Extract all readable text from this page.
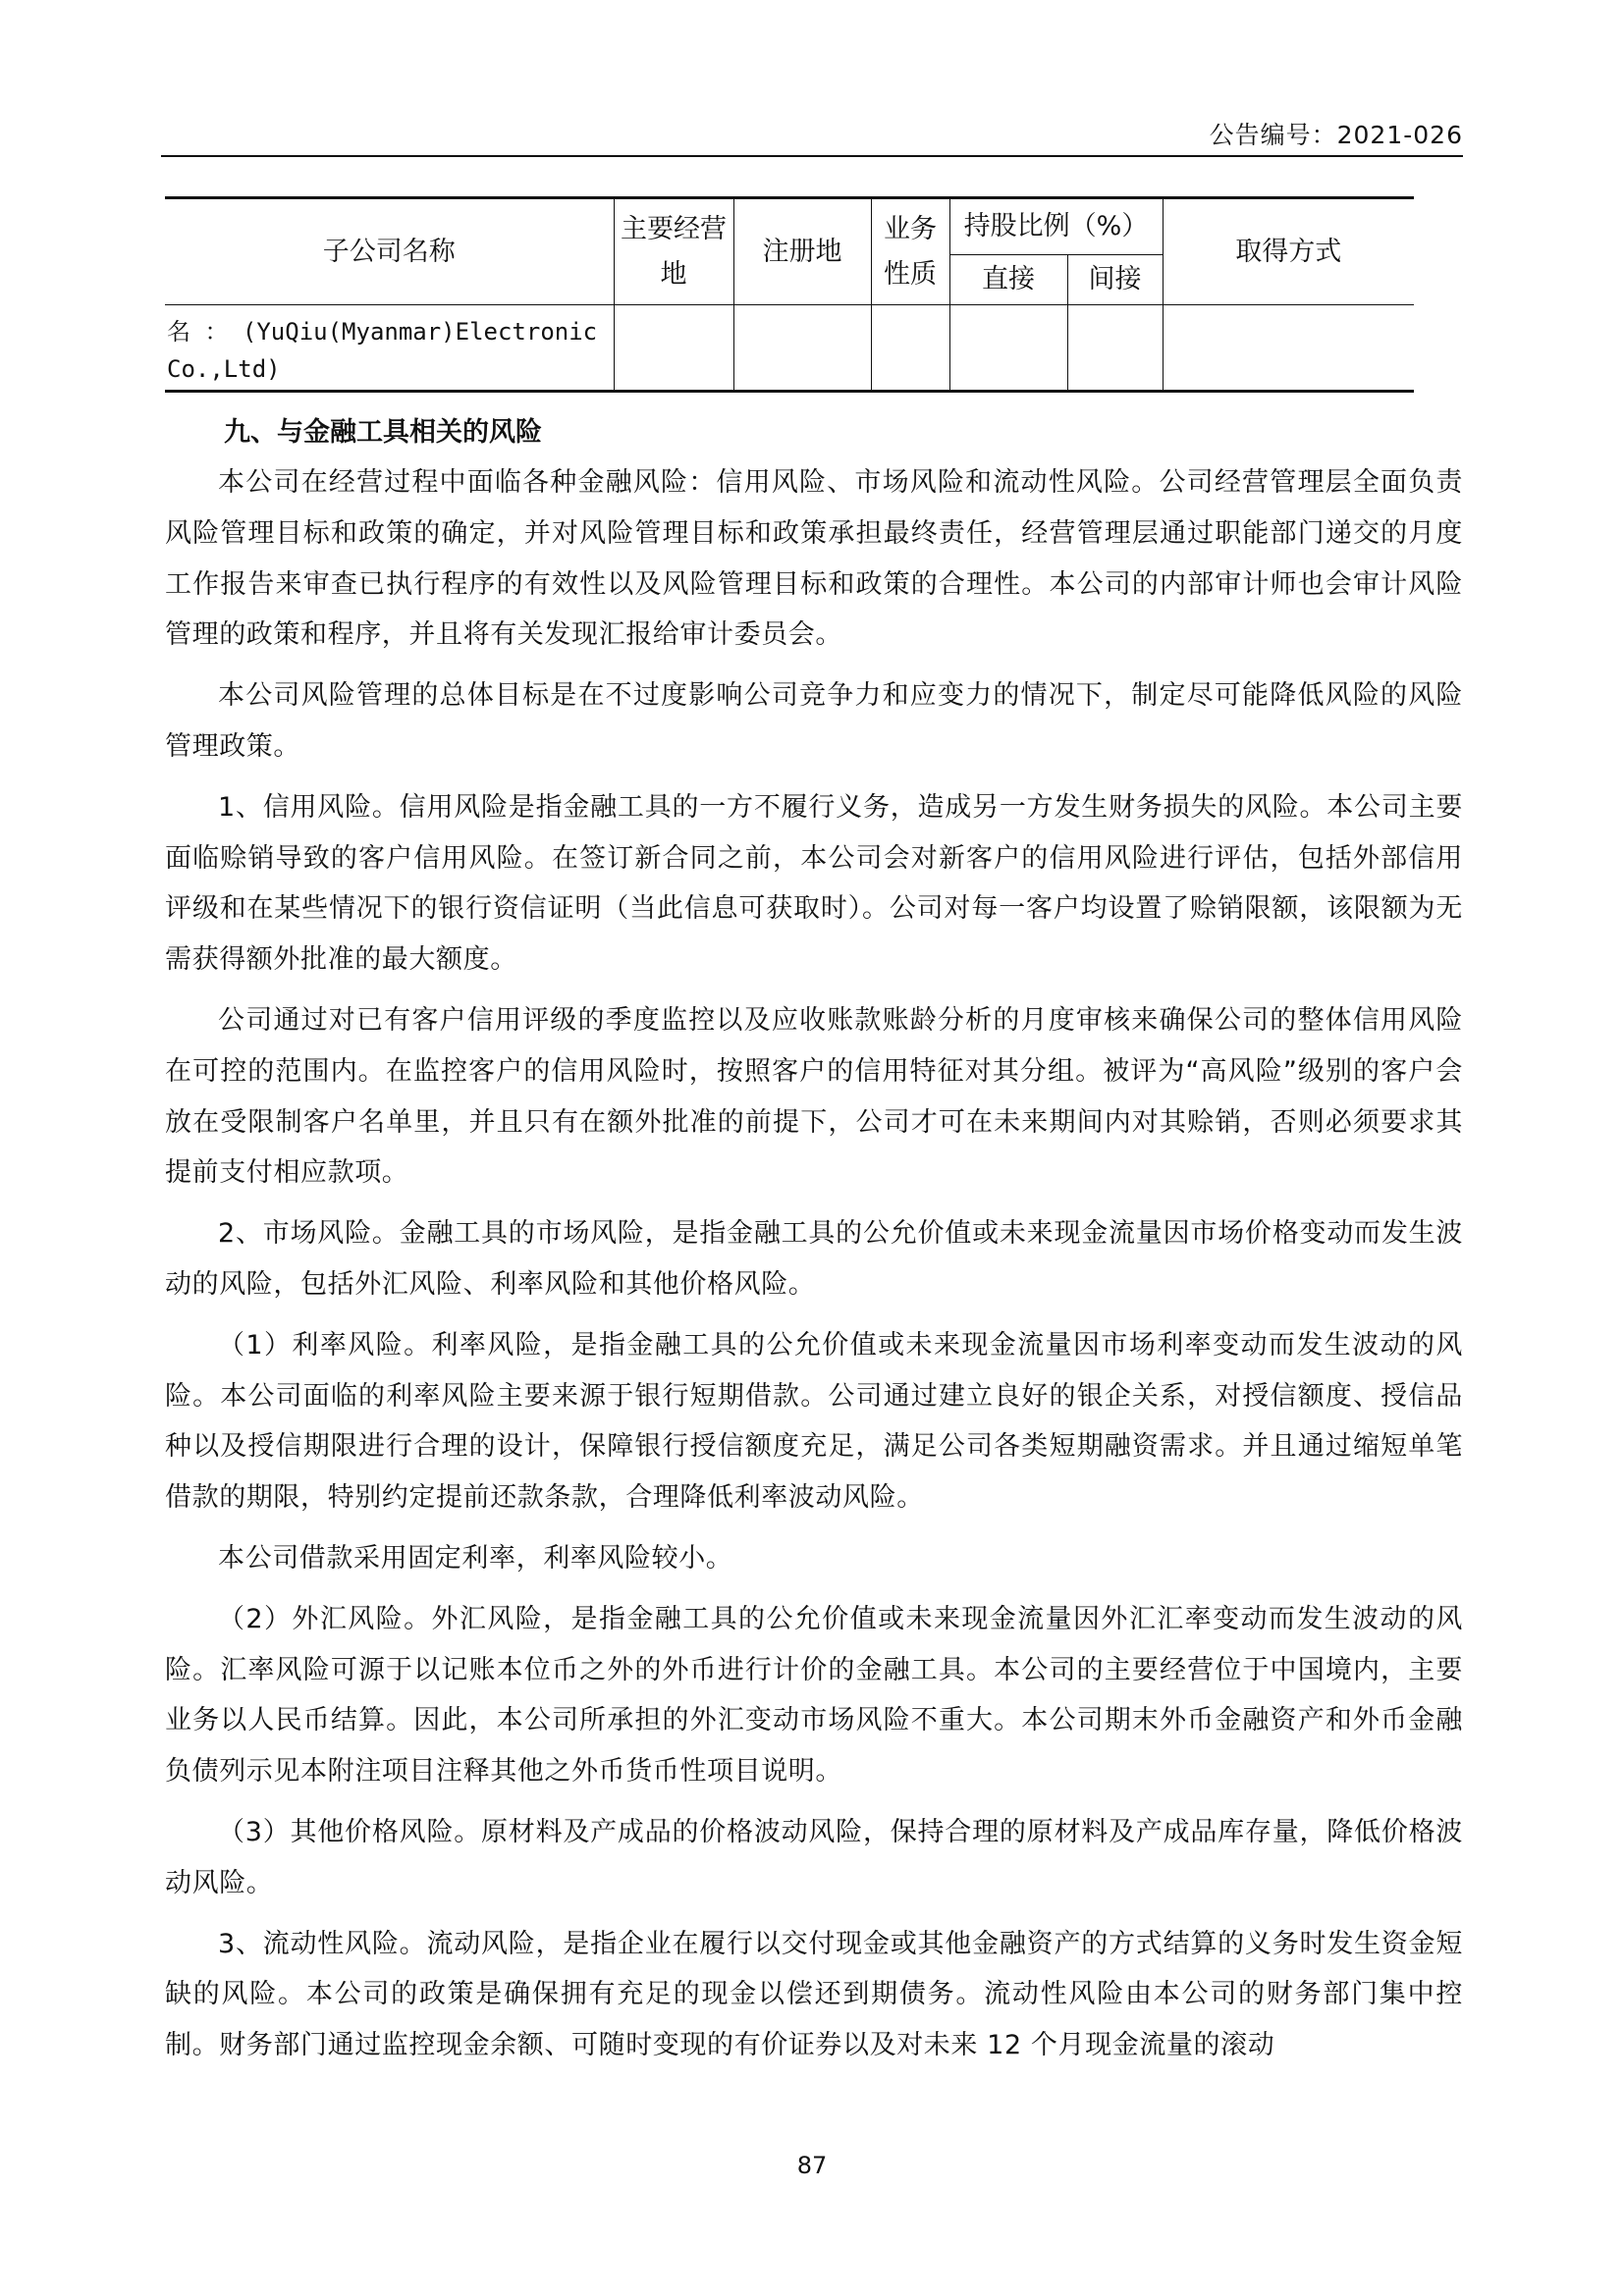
公告编号：2021-026
子公司名称	主要经营地	注册地	业务性质	持股比例（%）		取得方式
				直接	间接	
名 ： (YuQiu(Myanmar)Electronic Co.,Ltd)						
九、与金融工具相关的风险

本公司在经营过程中面临各种金融风险：信用风险、市场风险和流动性风险。公司经营管理层全面负责风险管理目标和政策的确定，并对风险管理目标和政策承担最终责任，经营管理层通过职能部门递交的月度工作报告来审查已执行程序的有效性以及风险管理目标和政策的合理性。本公司的内部审计师也会审计风险管理的政策和程序，并且将有关发现汇报给审计委员会。

本公司风险管理的总体目标是在不过度影响公司竞争力和应变力的情况下，制定尽可能降低风险的风险管理政策。

1、信用风险。信用风险是指金融工具的一方不履行义务，造成另一方发生财务损失的风险。本公司主要面临赊销导致的客户信用风险。在签订新合同之前，本公司会对新客户的信用风险进行评估，包括外部信用评级和在某些情况下的银行资信证明（当此信息可获取时）。公司对每一客户均设置了赊销限额，该限额为无需获得额外批准的最大额度。

公司通过对已有客户信用评级的季度监控以及应收账款账龄分析的月度审核来确保公司的整体信用风险在可控的范围内。在监控客户的信用风险时，按照客户的信用特征对其分组。被评为“高风险”级别的客户会放在受限制客户名单里，并且只有在额外批准的前提下，公司才可在未来期间内对其赊销，否则必须要求其提前支付相应款项。

2、市场风险。金融工具的市场风险，是指金融工具的公允价值或未来现金流量因市场价格变动而发生波动的风险，包括外汇风险、利率风险和其他价格风险。

（1）利率风险。利率风险，是指金融工具的公允价值或未来现金流量因市场利率变动而发生波动的风险。本公司面临的利率风险主要来源于银行短期借款。公司通过建立良好的银企关系，对授信额度、授信品种以及授信期限进行合理的设计，保障银行授信额度充足，满足公司各类短期融资需求。并且通过缩短单笔借款的期限，特别约定提前还款条款，合理降低利率波动风险。

本公司借款采用固定利率，利率风险较小。

（2）外汇风险。外汇风险，是指金融工具的公允价值或未来现金流量因外汇汇率变动而发生波动的风险。汇率风险可源于以记账本位币之外的外币进行计价的金融工具。本公司的主要经营位于中国境内，主要业务以人民币结算。因此，本公司所承担的外汇变动市场风险不重大。本公司期末外币金融资产和外币金融负债列示见本附注项目注释其他之外币货币性项目说明。

（3）其他价格风险。原材料及产成品的价格波动风险，保持合理的原材料及产成品库存量，降低价格波动风险。

3、流动性风险。流动风险，是指企业在履行以交付现金或其他金融资产的方式结算的义务时发生资金短缺的风险。本公司的政策是确保拥有充足的现金以偿还到期债务。流动性风险由本公司的财务部门集中控制。财务部门通过监控现金余额、可随时变现的有价证券以及对未来 12 个月现金流量的滚动

87
